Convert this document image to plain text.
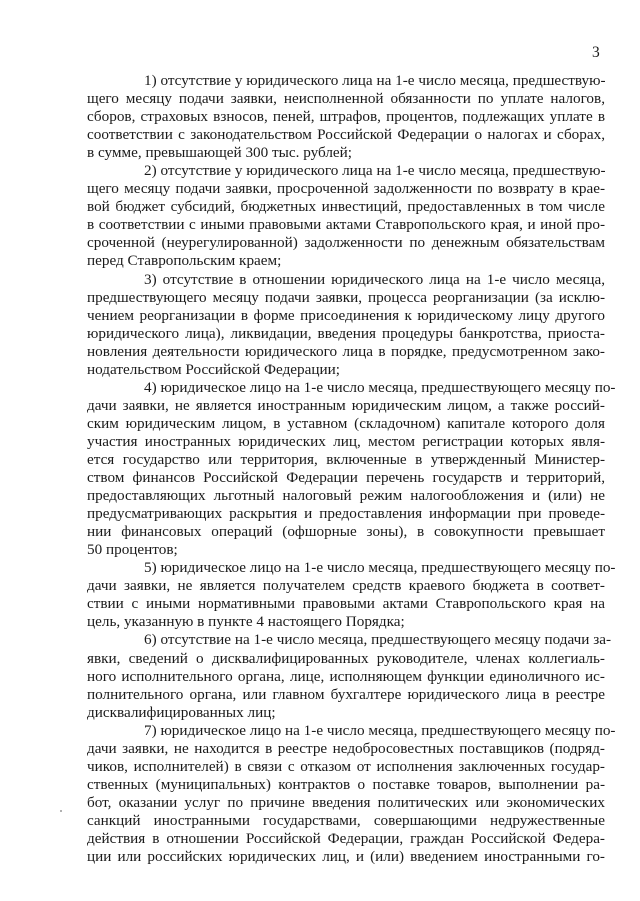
3
1) отсутствие у юридического лица на 1-е число месяца, предшествую-
щего месяцу подачи заявки, неисполненной обязанности по уплате налогов,
сборов, страховых взносов, пеней, штрафов, процентов, подлежащих уплате в
соответствии с законодательством Российской Федерации о налогах и сборах,
в сумме, превышающей 300 тыс. рублей;
2) отсутствие у юридического лица на 1-е число месяца, предшествую-
щего месяцу подачи заявки, просроченной задолженности по возврату в крае-
вой бюджет субсидий, бюджетных инвестиций, предоставленных в том числе
в соответствии с иными правовыми актами Ставропольского края, и иной про-
сроченной (неурегулированной) задолженности по денежным обязательствам
перед Ставропольским краем;
3) отсутствие в отношении юридического лица на 1-е число месяца,
предшествующего месяцу подачи заявки, процесса реорганизации (за исклю-
чением реорганизации в форме присоединения к юридическому лицу другого
юридического лица), ликвидации, введения процедуры банкротства, приоста-
новления деятельности юридического лица в порядке, предусмотренном зако-
нодательством Российской Федерации;
4) юридическое лицо на 1-е число месяца, предшествующего месяцу по-
дачи заявки, не является иностранным юридическим лицом, а также россий-
ским юридическим лицом, в уставном (складочном) капитале которого доля
участия иностранных юридических лиц, местом регистрации которых явля-
ется государство или территория, включенные в утвержденный Министер-
ством финансов Российской Федерации перечень государств и территорий,
предоставляющих льготный налоговый режим налогообложения и (или) не
предусматривающих раскрытия и предоставления информации при проведе-
нии финансовых операций (офшорные зоны), в совокупности превышает
50 процентов;
5) юридическое лицо на 1-е число месяца, предшествующего месяцу по-
дачи заявки, не является получателем средств краевого бюджета в соответ-
ствии с иными нормативными правовыми актами Ставропольского края на
цель, указанную в пункте 4 настоящего Порядка;
6) отсутствие на 1-е число месяца, предшествующего месяцу подачи за-
явки, сведений о дисквалифицированных руководителе, членах коллегиаль-
ного исполнительного органа, лице, исполняющем функции единоличного ис-
полнительного органа, или главном бухгалтере юридического лица в реестре
дисквалифицированных лиц;
7) юридическое лицо на 1-е число месяца, предшествующего месяцу по-
дачи заявки, не находится в реестре недобросовестных поставщиков (подряд-
чиков, исполнителей) в связи с отказом от исполнения заключенных государ-
ственных (муниципальных) контрактов о поставке товаров, выполнении ра-
бот, оказании услуг по причине введения политических или экономических
санкций иностранными государствами, совершающими недружественные
действия в отношении Российской Федерации, граждан Российской Федера-
ции или российских юридических лиц, и (или) введением иностранными го-
